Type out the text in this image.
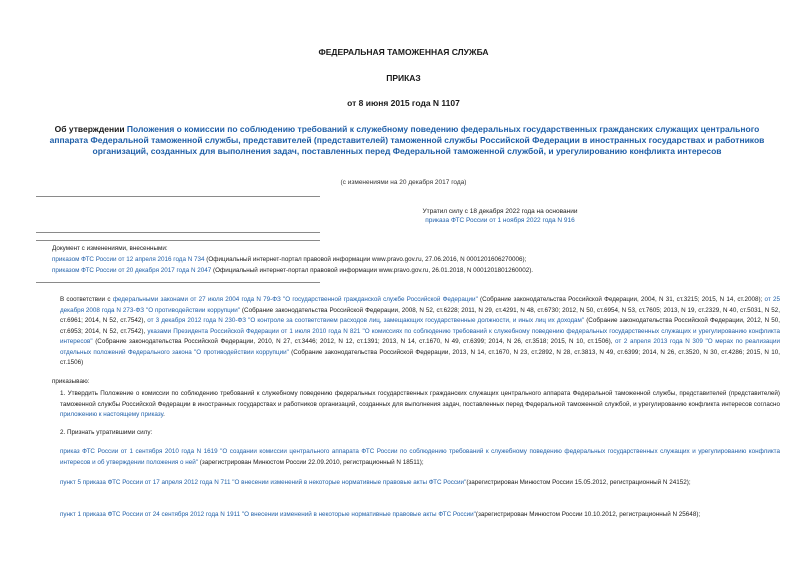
ФЕДЕРАЛЬНАЯ ТАМОЖЕННАЯ СЛУЖБА
ПРИКАЗ
от 8 июня 2015 года N 1107
Об утверждении Положения о комиссии по соблюдению требований к служебному поведению федеральных государственных гражданских служащих центрального аппарата Федеральной таможенной службы, представителей (представителей) таможенной службы Российской Федерации в иностранных государствах и работников организаций, созданных для выполнения задач, поставленных перед Федеральной таможенной службой, и урегулированию конфликта интересов
(с изменениями на 20 декабря 2017 года)
Утратил силу с 18 декабря 2022 года на основании
приказа ФТС России от 1 ноября 2022 года N 916
Документ с изменениями, внесенными:
приказом ФТС России от 12 апреля 2016 года N 734 (Официальный интернет-портал правовой информации www.pravo.gov.ru, 27.06.2016, N 0001201606270006);
приказом ФТС России от 20 декабря 2017 года N 2047 (Официальный интернет-портал правовой информации www.pravo.gov.ru, 26.01.2018, N 0001201801260002).
В соответствии с федеральными законами от 27 июля 2004 года N 79-ФЗ "О государственной гражданской службе Российской Федерации" (Собрание законодательства Российской Федерации, 2004, N 31, ст.3215; 2015, N 14, ст.2008); от 25 декабря 2008 года N 273-ФЗ "О противодействии коррупции" (Собрание законодательства Российской Федерации, 2008, N 52, ст.6228; 2011, N 29, ст.4291, N 48, ст.6730; 2012, N 50, ст.6954, N 53, ст.7605; 2013, N 19, ст.2329, N 40, ст.5031, N 52, ст.6961; 2014, N 52, ст.7542), от 3 декабря 2012 года N 230-ФЗ "О контроле за соответствием расходов лиц, замещающих государственные должности, и иных лиц их доходам" (Собрание законодательства Российской Федерации, 2012, N 50, ст.6953; 2014, N 52, ст.7542), указами Президента Российской Федерации от 1 июля 2010 года N 821 "О комиссиях по соблюдению требований к служебному поведению федеральных государственных служащих и урегулированию конфликта интересов" (Собрание законодательства Российской Федерации, 2010, N 27, ст.3446; 2012, N 12, ст.1391; 2013, N 14, ст.1670, N 49, ст.6399; 2014, N 26, ст.3518; 2015, N 10, ст.1506), от 2 апреля 2013 года N 309 "О мерах по реализации отдельных положений Федерального закона "О противодействии коррупции" (Собрание законодательства Российской Федерации, 2013, N 14, ст.1670, N 23, ст.2892, N 28, ст.3813, N 49, ст.6399; 2014, N 26, ст.3520, N 30, ст.4286; 2015, N 10, ст.1506)
приказываю:
1. Утвердить Положение о комиссии по соблюдению требований к служебному поведению федеральных государственных гражданских служащих центрального аппарата Федеральной таможенной службы, представителей (представителей) таможенной службы Российской Федерации в иностранных государствах и работников организаций, созданных для выполнения задач, поставленных перед Федеральной таможенной службой, и урегулированию конфликта интересов согласно приложению к настоящему приказу.
2. Признать утратившими силу:
приказ ФТС России от 1 сентября 2010 года N 1619 "О создании комиссии центрального аппарата ФТС России по соблюдению требований к служебному поведению федеральных государственных служащих и урегулированию конфликта интересов и об утверждении положения о ней" (зарегистрирован Минюстом России 22.09.2010, регистрационный N 18511);
пункт 5 приказа ФТС России от 17 апреля 2012 года N 711 "О внесении изменений в некоторые нормативные правовые акты ФТС России"(зарегистрирован Минюстом России 15.05.2012, регистрационный N 24152);
пункт 1 приказа ФТС России от 24 сентября 2012 года N 1911 "О внесении изменений в некоторые нормативные правовые акты ФТС России"(зарегистрирован Минюстом России 10.10.2012, регистрационный N 25648);
